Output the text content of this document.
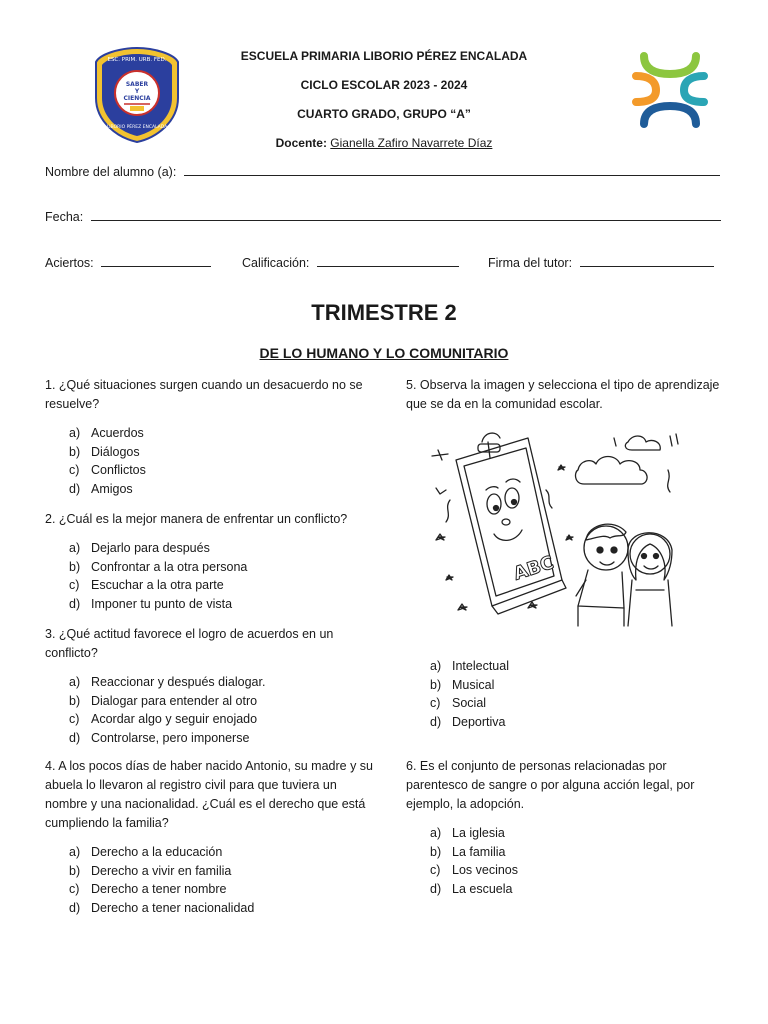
ESC. PRIM. URB. FED.
SABER
Y
CIENCIA
LIBORIO PÉREZ ENCALADA
ESCUELA PRIMARIA LIBORIO PÉREZ ENCALADA
CICLO ESCOLAR 2023 - 2024
CUARTO GRADO, GRUPO “A”
Docente: Gianella Zafiro Navarrete Díaz
Nombre del alumno (a):
Fecha:
Aciertos:	Calificación:	Firma del tutor:
TRIMESTRE 2
DE LO HUMANO Y LO COMUNITARIO
1. ¿Qué situaciones surgen cuando un desacuerdo no se resuelve?
a) Acuerdos
b) Diálogos
c) Conflictos
d) Amigos
2. ¿Cuál es la mejor manera de enfrentar un conflicto?
a) Dejarlo para después
b) Confrontar a la otra persona
c) Escuchar a la otra parte
d) Imponer tu punto de vista
3. ¿Qué actitud favorece el logro de acuerdos en un conflicto?
a) Reaccionar y después dialogar.
b) Dialogar para entender al otro
c) Acordar algo y seguir enojado
d) Controlarse, pero imponerse
4. A los pocos días de haber nacido Antonio, su madre y su abuela lo llevaron al registro civil para que tuviera un nombre y una nacionalidad. ¿Cuál es el derecho que está cumpliendo la familia?
a) Derecho a la educación
b) Derecho a vivir en familia
c) Derecho a tener nombre
d) Derecho a tener nacionalidad
5. Observa la imagen y selecciona el tipo de aprendizaje que se da en la comunidad escolar.
ABC
a) Intelectual
b) Musical
c) Social
d) Deportiva
6. Es el conjunto de personas relacionadas por parentesco de sangre o por alguna acción legal, por ejemplo, la adopción.
a) La iglesia
b) La familia
c) Los vecinos
d) La escuela
